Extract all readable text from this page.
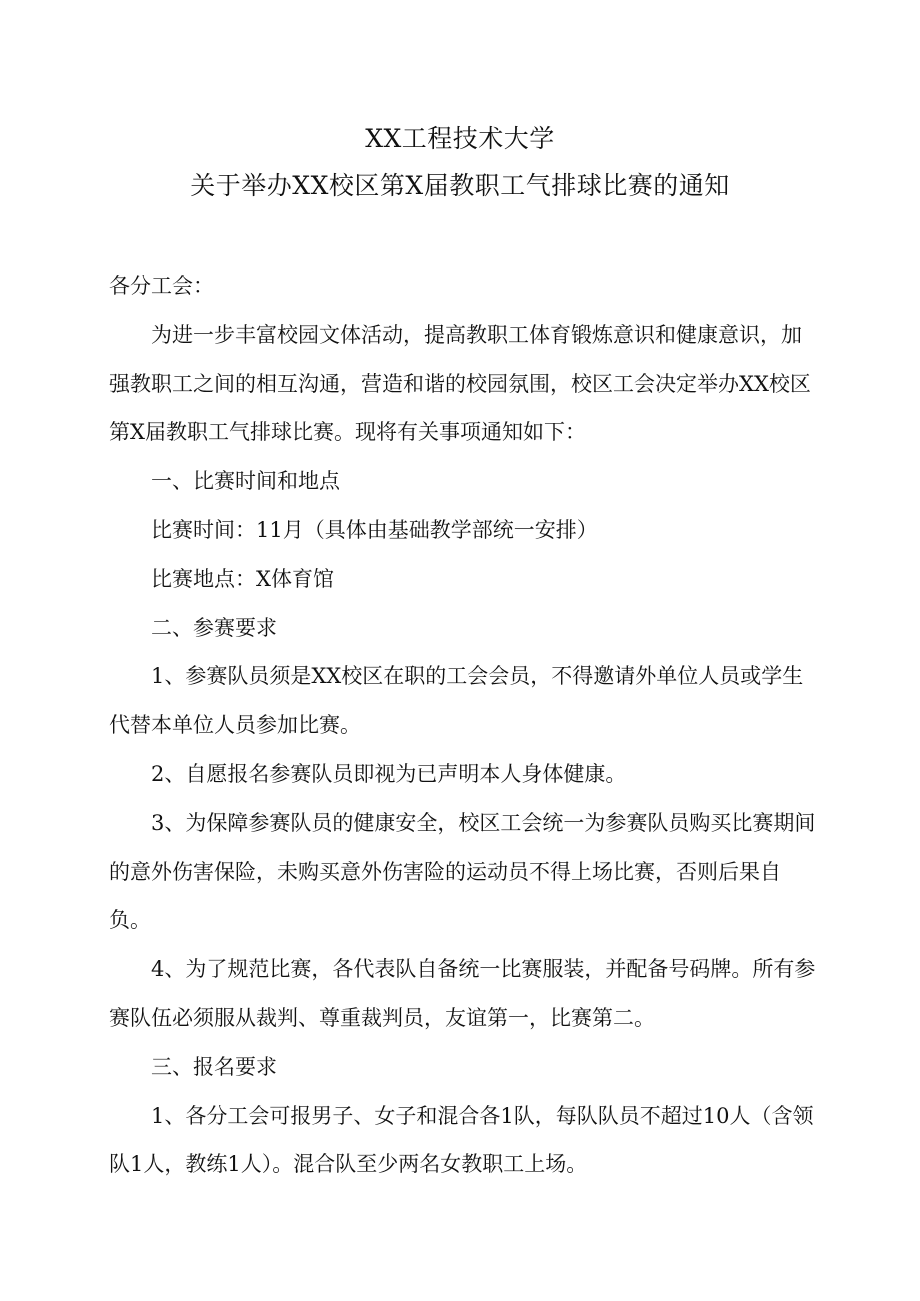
XX工程技术大学
关于举办XX校区第X届教职工气排球比赛的通知

各分工会：

为进一步丰富校园文体活动，提高教职工体育锻炼意识和健康意识，加强教职工之间的相互沟通，营造和谐的校园氛围，校区工会决定举办XX校区第X届教职工气排球比赛。现将有关事项通知如下：

一、比赛时间和地点

比赛时间：11月（具体由基础教学部统一安排）

比赛地点：X体育馆

二、参赛要求

1、参赛队员须是XX校区在职的工会会员，不得邀请外单位人员或学生代替本单位人员参加比赛。

2、自愿报名参赛队员即视为已声明本人身体健康。

3、为保障参赛队员的健康安全，校区工会统一为参赛队员购买比赛期间的意外伤害保险，未购买意外伤害险的运动员不得上场比赛，否则后果自负。

4、为了规范比赛，各代表队自备统一比赛服装，并配备号码牌。所有参赛队伍必须服从裁判、尊重裁判员，友谊第一，比赛第二。

三、报名要求

1、各分工会可报男子、女子和混合各1队，每队队员不超过10人（含领队1人，教练1人）。混合队至少两名女教职工上场。
